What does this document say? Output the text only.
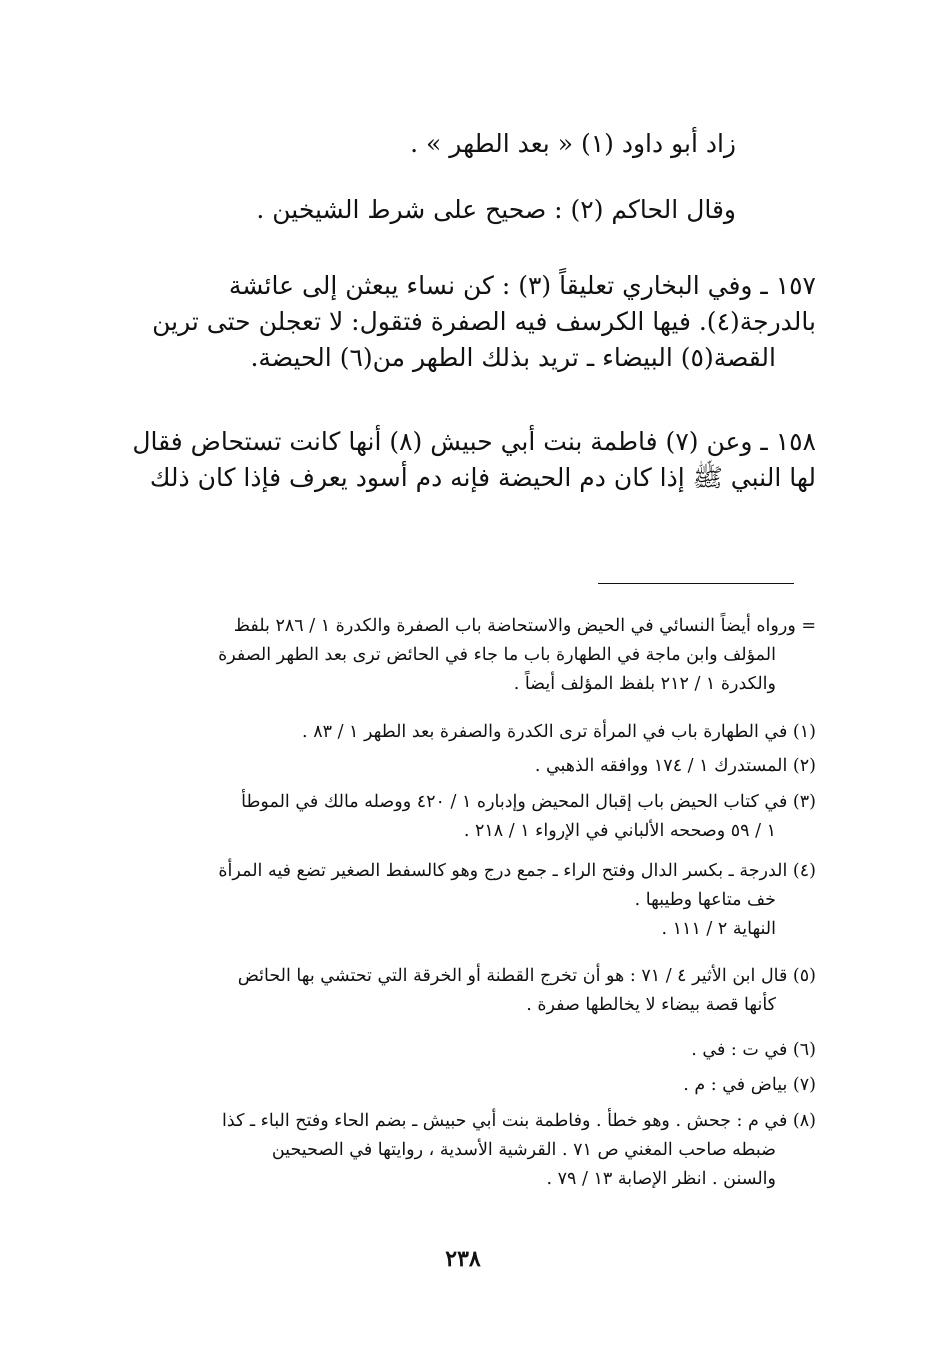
زاد أبو داود (١) « بعد الطهر » .
وقال الحاكم (٢) : صحيح على شرط الشيخين .
١٥٧ ـ وفي البخاري تعليقاً (٣) : كن نساء يبعثن إلى عائشة
بالدرجة(٤). فيها الكرسف فيه الصفرة فتقول: لا تعجلن حتى ترين
القصة(٥) البيضاء ـ تريد بذلك الطهر من(٦) الحيضة.
١٥٨ ـ وعن (٧) فاطمة بنت أبي حبيش (٨) أنها كانت تستحاض فقال
لها النبي ﷺ إذا كان دم الحيضة فإنه دم أسود يعرف فإذا كان ذلك
= ورواه أيضاً النسائي في الحيض والاستحاضة باب الصفرة والكدرة ١ / ٢٨٦ بلفظ
المؤلف وابن ماجة في الطهارة باب ما جاء في الحائض ترى بعد الطهر الصفرة
والكدرة ١ / ٢١٢ بلفظ المؤلف أيضاً .
(١) في الطهارة باب في المرأة ترى الكدرة والصفرة بعد الطهر ١ / ٨٣ .
(٢) المستدرك ١ / ١٧٤ ووافقه الذهبي .
(٣) في كتاب الحيض باب إقبال المحيض وإدباره ١ / ٤٢٠ ووصله مالك في الموطأ
١ / ٥٩ وصححه الألباني في الإرواء ١ / ٢١٨ .
(٤) الدرجة ـ بكسر الدال وفتح الراء ـ جمع درج وهو كالسفط الصغير تضع فيه المرأة
خف متاعها وطيبها .
النهاية ٢ / ١١١ .
(٥) قال ابن الأثير ٤ / ٧١ : هو أن تخرج القطنة أو الخرقة التي تحتشي بها الحائض
كأنها قصة بيضاء لا يخالطها صفرة .
(٦) في ت : في .
(٧) بياض في : م .
(٨) في م : جحش . وهو خطأ . وفاطمة بنت أبي حبيش ـ بضم الحاء وفتح الباء ـ كذا
ضبطه صاحب المغني ص ٧١ . القرشية الأسدية ، روايتها في الصحيحين
والسنن . انظر الإصابة ١٣ / ٧٩ .
٢٣٨
